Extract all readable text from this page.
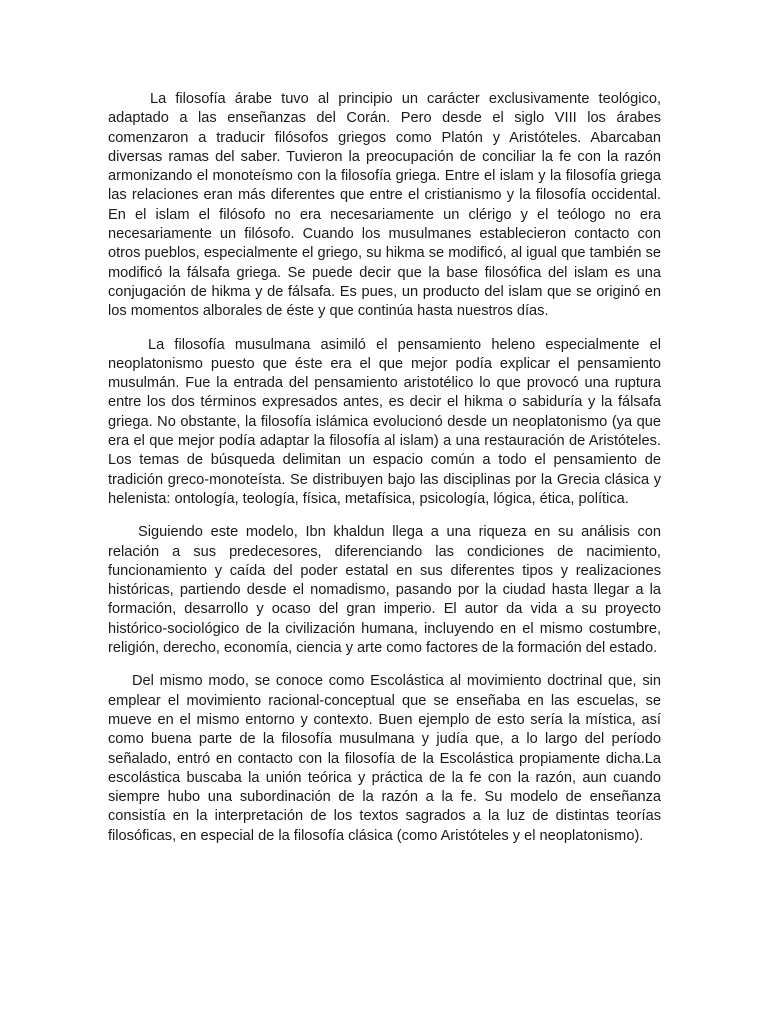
La filosofía árabe tuvo al principio un carácter exclusivamente teológico, adaptado a las enseñanzas del Corán. Pero desde el siglo VIII los árabes comenzaron a traducir filósofos griegos como Platón y Aristóteles. Abarcaban diversas ramas del saber. Tuvieron la preocupación de conciliar la fe con la razón armonizando el monoteísmo con la filosofía griega. Entre el islam y la filosofía griega las relaciones eran más diferentes que entre el cristianismo y la filosofía occidental. En el islam el filósofo no era necesariamente un clérigo y el teólogo no era necesariamente un filósofo. Cuando los musulmanes establecieron contacto con otros pueblos, especialmente el griego, su hikma se modificó, al igual que también se modificó la fálsafa griega. Se puede decir que la base filosófica del islam es una conjugación de hikma y de fálsafa. Es pues, un producto del islam que se originó en los momentos alborales de éste y que continúa hasta nuestros días.

La filosofía musulmana asimiló el pensamiento heleno especialmente el neoplatonismo puesto que éste era el que mejor podía explicar el pensamiento musulmán. Fue la entrada del pensamiento aristotélico lo que provocó una ruptura entre los dos términos expresados antes, es decir el hikma o sabiduría y la fálsafa griega. No obstante, la filosofía islámica evolucionó desde un neoplatonismo (ya que era el que mejor podía adaptar la filosofía al islam) a una restauración de Aristóteles. Los temas de búsqueda delimitan un espacio común a todo el pensamiento de tradición greco-monoteísta. Se distribuyen bajo las disciplinas por la Grecia clásica y helenista: ontología, teología, física, metafísica, psicología, lógica, ética, política.

Siguiendo este modelo, Ibn khaldun llega a una riqueza en su análisis con relación a sus predecesores, diferenciando las condiciones de nacimiento, funcionamiento y caída del poder estatal en sus diferentes tipos y realizaciones históricas, partiendo desde el nomadismo, pasando por la ciudad hasta llegar a la formación, desarrollo y ocaso del gran imperio. El autor da vida a su proyecto histórico-sociológico de la civilización humana, incluyendo en el mismo costumbre, religión, derecho, economía, ciencia y arte como factores de la formación del estado.

Del mismo modo, se conoce como Escolástica al movimiento doctrinal que, sin emplear el movimiento racional-conceptual que se enseñaba en las escuelas, se mueve en el mismo entorno y contexto. Buen ejemplo de esto sería la mística, así como buena parte de la filosofía musulmana y judía que, a lo largo del período señalado, entró en contacto con la filosofía de la Escolástica propiamente dicha.La escolástica buscaba la unión teórica y práctica de la fe con la razón, aun cuando siempre hubo una subordinación de la razón a la fe. Su modelo de enseñanza consistía en la interpretación de los textos sagrados a la luz de distintas teorías filosóficas, en especial de la filosofía clásica (como Aristóteles y el neoplatonismo).
